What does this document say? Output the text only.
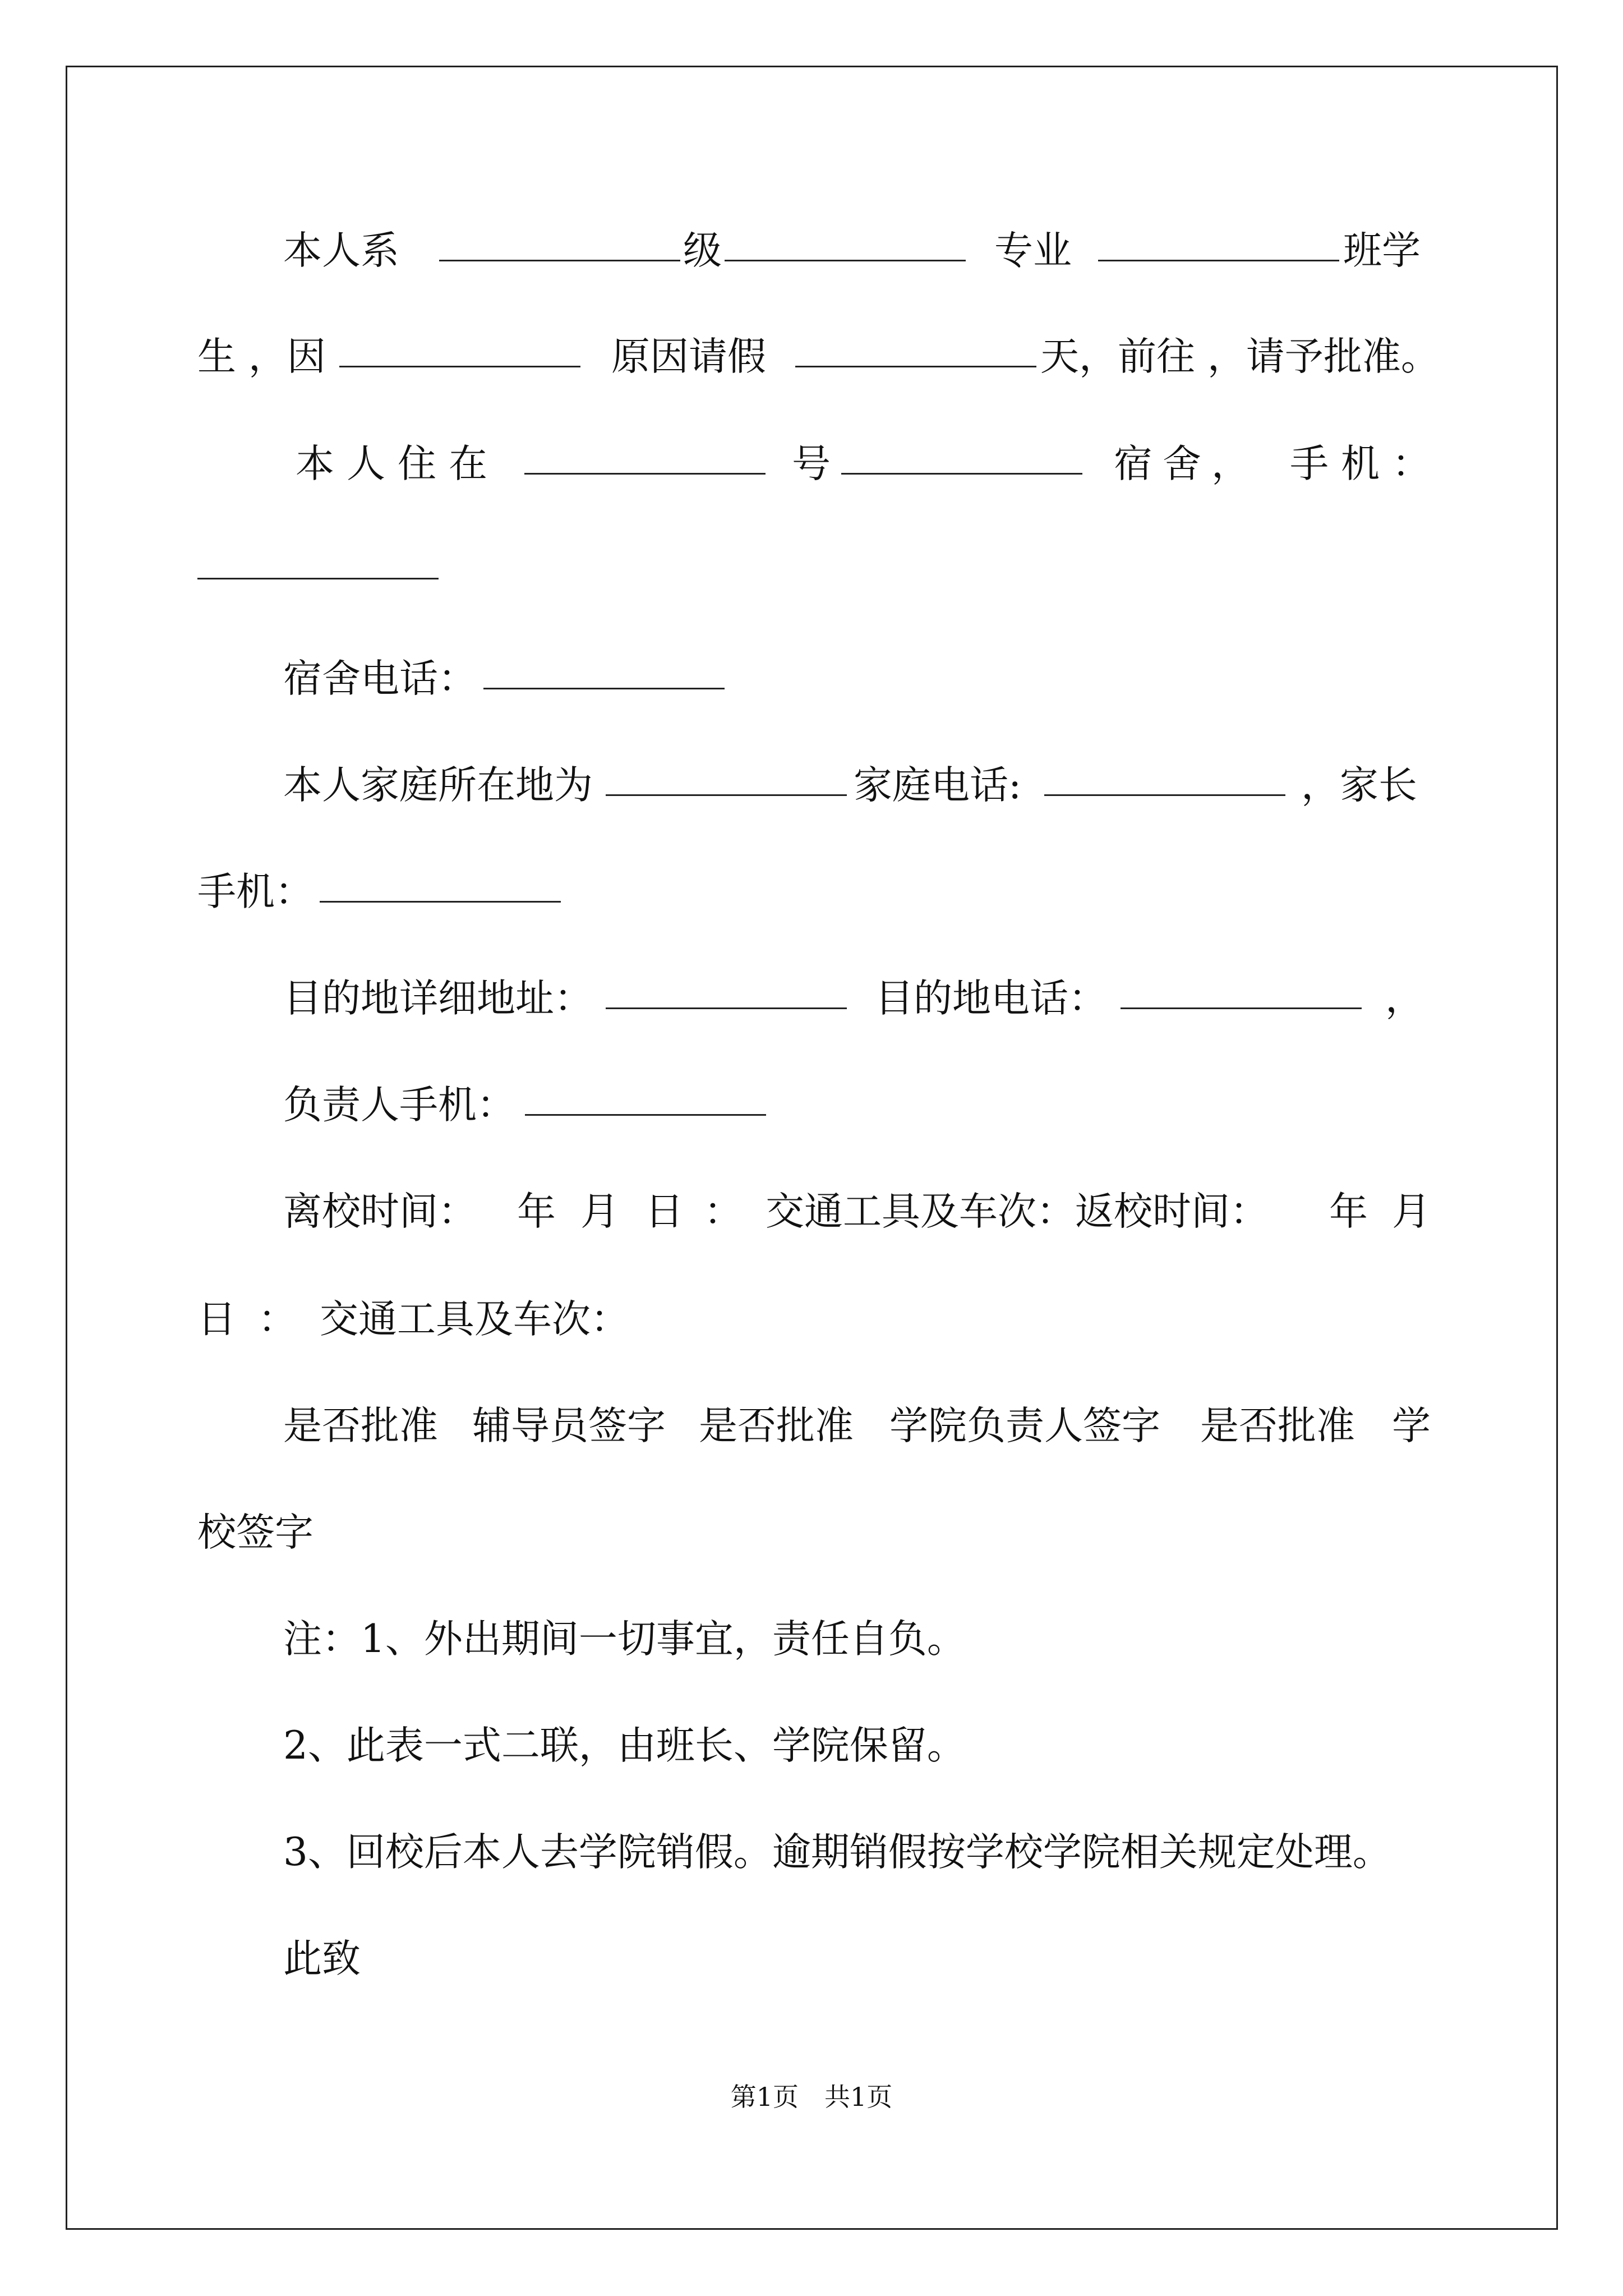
本人系	级	专业	班学
生 ，因	原因请假	天，前往 ，请予批准。
本人住在	号	宿舍， 手机：
宿舍电话：
本人家庭所在地为	家庭电话:	，家长
手机：
目的地详细地址：	目的地电话：	，
负责人手机：
离校时间： 年 月 日 ： 交通工具及车次：返校时间： 年 月
日 ： 交通工具及车次：
是否批准 辅导员签字 是否批准 学院负责人签字 是否批准 学
校签字
注：1、外出期间一切事宜，责任自负。
2、此表一式二联，由班长、学院保留。
3、回校后本人去学院销假。逾期销假按学校学院相关规定处理。
此致
第1页　共1页
